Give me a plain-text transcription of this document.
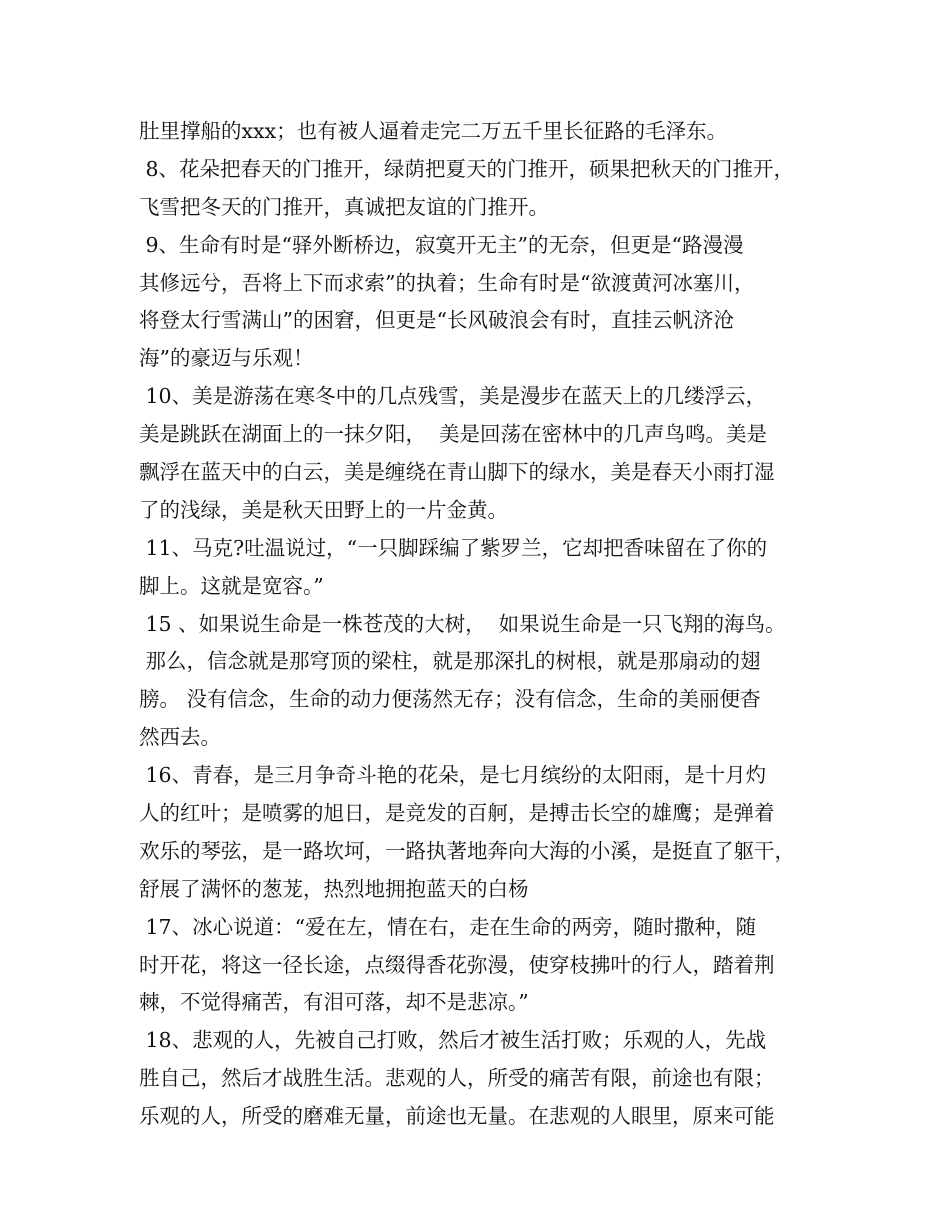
肚里撑船的xxx；也有被人逼着走完二万五千里长征路的毛泽东。
8、花朵把春天的门推开，绿荫把夏天的门推开，硕果把秋天的门推开，
飞雪把冬天的门推开，真诚把友谊的门推开。
9、生命有时是“驿外断桥边，寂寞开无主”的无奈，但更是“路漫漫
其修远兮，吾将上下而求索”的执着；生命有时是“欲渡黄河冰塞川，
将登太行雪满山”的困窘，但更是“长风破浪会有时，直挂云帆济沧
海”的豪迈与乐观！
10、美是游荡在寒冬中的几点残雪，美是漫步在蓝天上的几缕浮云，
美是跳跃在湖面上的一抹夕阳，  美是回荡在密林中的几声鸟鸣。美是
飘浮在蓝天中的白云，美是缠绕在青山脚下的绿水，美是春天小雨打湿
了的浅绿，美是秋天田野上的一片金黄。
11、马克?吐温说过，“一只脚踩编了紫罗兰，它却把香味留在了你的
脚上。这就是宽容。”
15 、如果说生命是一株苍茂的大树，  如果说生命是一只飞翔的海鸟。
那么，信念就是那穹顶的梁柱，就是那深扎的树根，就是那扇动的翅
膀。 没有信念，生命的动力便荡然无存；没有信念，生命的美丽便杳
然西去。
16、青春，是三月争奇斗艳的花朵，是七月缤纷的太阳雨，是十月灼
人的红叶；是喷雾的旭日，是竞发的百舸，是搏击长空的雄鹰；是弹着
欢乐的琴弦，是一路坎坷，一路执著地奔向大海的小溪，是挺直了躯干，
舒展了满怀的葱茏，热烈地拥抱蓝天的白杨
17、冰心说道：“爱在左，情在右，走在生命的两旁，随时撒种，随
时开花，将这一径长途，点缀得香花弥漫，使穿枝拂叶的行人，踏着荆
棘，不觉得痛苦，有泪可落，却不是悲凉。”
18、悲观的人，先被自己打败，然后才被生活打败；乐观的人，先战
胜自己，然后才战胜生活。悲观的人，所受的痛苦有限，前途也有限；
乐观的人，所受的磨难无量，前途也无量。在悲观的人眼里，原来可能
